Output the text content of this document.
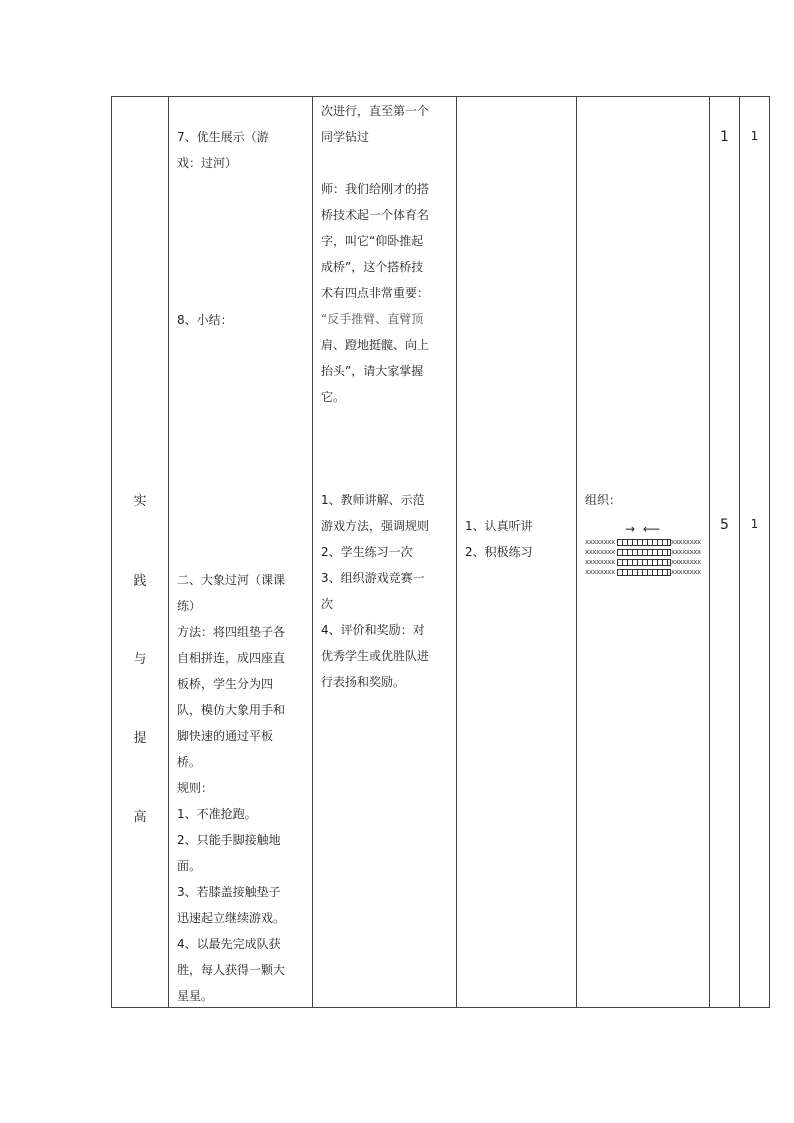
实
践
与
提
高

7、优生展示（游
戏：过河）
8、小结：
二、大象过河（课课
练）
方法：将四组垫子各
自相拼连，成四座直
板桥，学生分为四
队，模仿大象用手和
脚快速的通过平板
桥。
规则：
1、不准抢跑。
2、只能手脚接触地
面。
3、若膝盖接触垫子
迅速起立继续游戏。
4、以最先完成队获
胜，每人获得一颗大
星星。

次进行，直至第一个
同学钻过
师：我们给刚才的搭
桥技术起一个体育名
字，叫它“仰卧推起
成桥”，这个搭桥技
术有四点非常重要：
“反手推臂、直臂顶
肩、蹬地挺髋、向上
抬头”，请大家掌握
它。
1、教师讲解、示范
游戏方法，强调规则
2、学生练习一次
3、组织游戏竞赛一
次
4、评价和奖励：对
优秀学生或优胜队进
行表扬和奖励。

1、认真听讲
2、积极练习

组织：
→ ⟵
xxxxxxxx	xxxxxxxx
xxxxxxxx	xxxxxxxx
xxxxxxxx	xxxxxxxx
xxxxxxxx	xxxxxxxx

1
5

1
1
